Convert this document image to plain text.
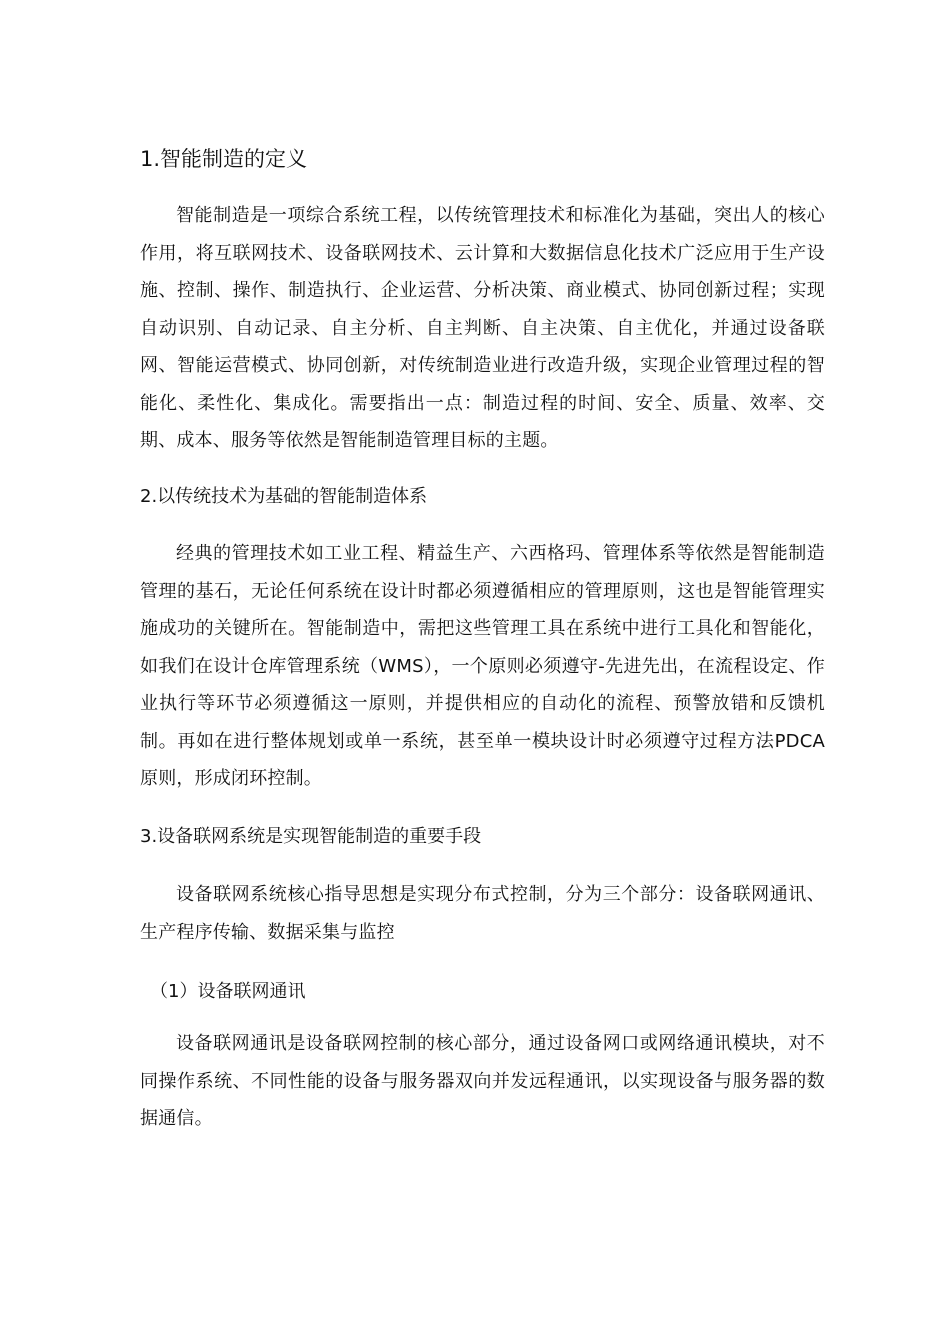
1.智能制造的定义

智能制造是一项综合系统工程，以传统管理技术和标准化为基础，突出人的核心作用，将互联网技术、设备联网技术、云计算和大数据信息化技术广泛应用于生产设施、控制、操作、制造执行、企业运营、分析决策、商业模式、协同创新过程；实现自动识别、自动记录、自主分析、自主判断、自主决策、自主优化，并通过设备联网、智能运营模式、协同创新，对传统制造业进行改造升级，实现企业管理过程的智能化、柔性化、集成化。需要指出一点：制造过程的时间、安全、质量、效率、交期、成本、服务等依然是智能制造管理目标的主题。

2.以传统技术为基础的智能制造体系

经典的管理技术如工业工程、精益生产、六西格玛、管理体系等依然是智能制造管理的基石，无论任何系统在设计时都必须遵循相应的管理原则，这也是智能管理实施成功的关键所在。智能制造中，需把这些管理工具在系统中进行工具化和智能化，如我们在设计仓库管理系统（WMS），一个原则必须遵守-先进先出，在流程设定、作业执行等环节必须遵循这一原则，并提供相应的自动化的流程、预警放错和反馈机制。再如在进行整体规划或单一系统，甚至单一模块设计时必须遵守过程方法PDCA原则，形成闭环控制。

3.设备联网系统是实现智能制造的重要手段

设备联网系统核心指导思想是实现分布式控制，分为三个部分：设备联网通讯、生产程序传输、数据采集与监控

（1）设备联网通讯

设备联网通讯是设备联网控制的核心部分，通过设备网口或网络通讯模块，对不同操作系统、不同性能的设备与服务器双向并发远程通讯，以实现设备与服务器的数据通信。
